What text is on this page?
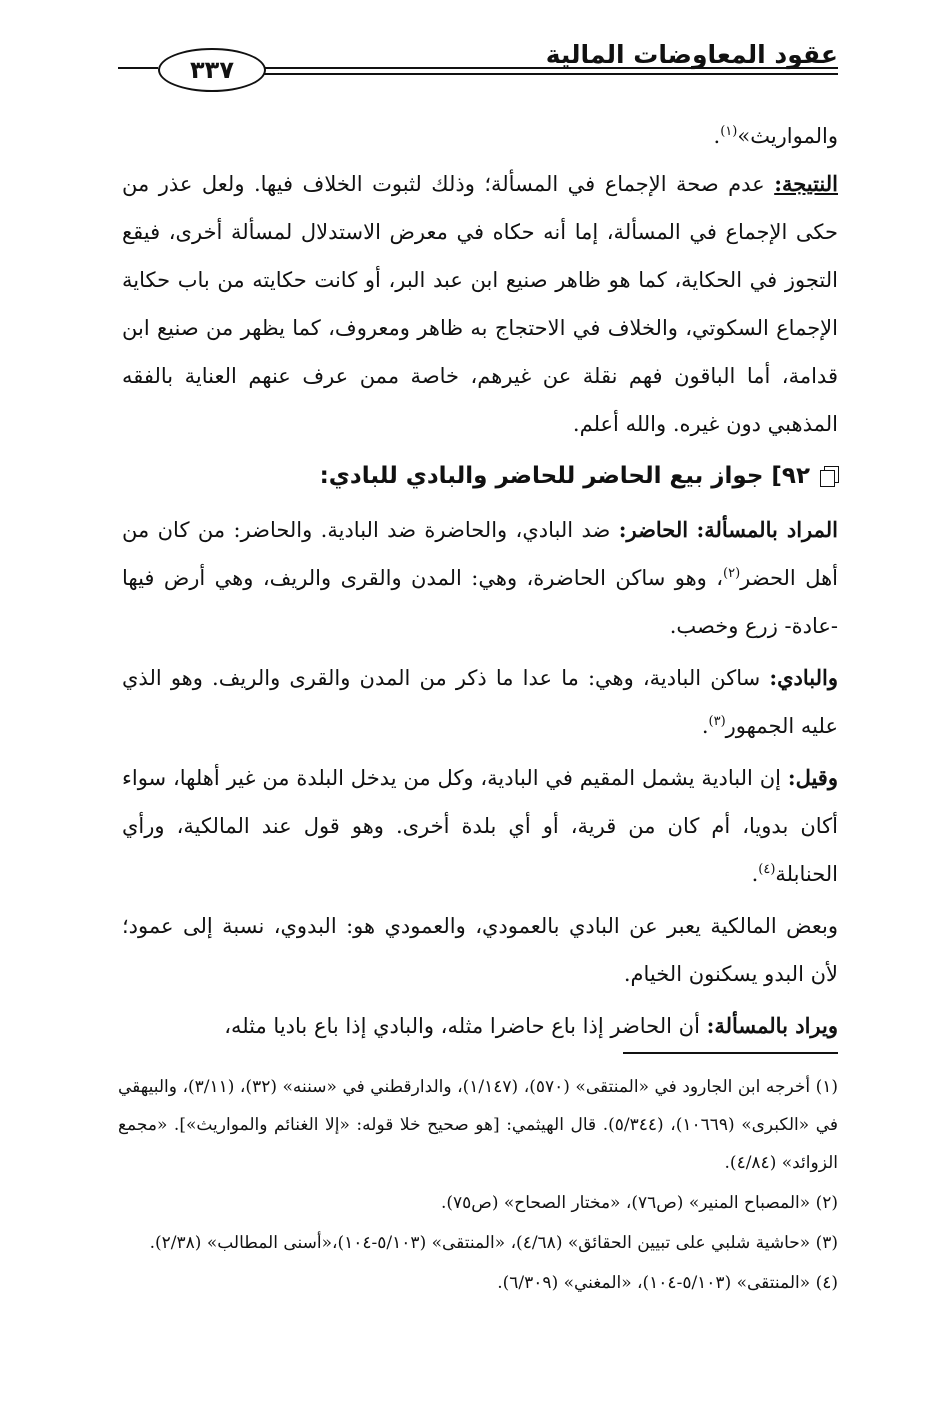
عقود المعاوضات المالية
٣٣٧

والمواريث»$^{(١)}$.

النتيجة: عدم صحة الإجماع في المسألة؛ وذلك لثبوت الخلاف فيها. ولعل عذر من حكى الإجماع في المسألة، إما أنه حكاه في معرض الاستدلال لمسألة أخرى، فيقع التجوز في الحكاية، كما هو ظاهر صنيع ابن عبد البر، أو كانت حكايته من باب حكاية الإجماع السكوتي، والخلاف في الاحتجاج به ظاهر ومعروف، كما يظهر من صنيع ابن قدامة، أما الباقون فهم نقلة عن غيرهم، خاصة ممن عرف عنهم العناية بالفقه المذهبي دون غيره. والله أعلم.

٩٢] جواز بيع الحاضر للحاضر والبادي للبادي:

المراد بالمسألة: الحاضر: ضد البادي، والحاضرة ضد البادية. والحاضر: من كان من أهل الحضر$^{(٢)}$، وهو ساكن الحاضرة، وهي: المدن والقرى والريف، وهي أرض فيها -عادة- زرع وخصب.

والبادي: ساكن البادية، وهي: ما عدا ما ذكر من المدن والقرى والريف. وهو الذي عليه الجمهور$^{(٣)}$.

وقيل: إن البادية يشمل المقيم في البادية، وكل من يدخل البلدة من غير أهلها، سواء أكان بدويا، أم كان من قرية، أو أي بلدة أخرى. وهو قول عند المالكية، ورأي الحنابلة$^{(٤)}$.

وبعض المالكية يعبر عن البادي بالعمودي، والعمودي هو: البدوي، نسبة إلى عمود؛ لأن البدو يسكنون الخيام.

ويراد بالمسألة: أن الحاضر إذا باع حاضرا مثله، والبادي إذا باع باديا مثله،

(١) أخرجه ابن الجارود في «المنتقى» (٥٧٠)، (١/١٤٧)، والدارقطني في «سننه» (٣٢)، (٣/١١)، والبيهقي في «الكبرى» (١٠٦٦٩)، (٥/٣٤٤). قال الهيثمي: [هو صحيح خلا قوله: «إلا الغنائم والمواريث»]. «مجمع الزوائد» (٤/٨٤).

(٢) «المصباح المنير» (ص٧٦)، «مختار الصحاح» (ص٧٥).

(٣) «حاشية شلبي على تبيين الحقائق» (٤/٦٨)، «المنتقى» (٥/١٠٣-١٠٤)،«أسنى المطالب» (٢/٣٨).

(٤) «المنتقى» (٥/١٠٣-١٠٤)، «المغني» (٦/٣٠٩).
